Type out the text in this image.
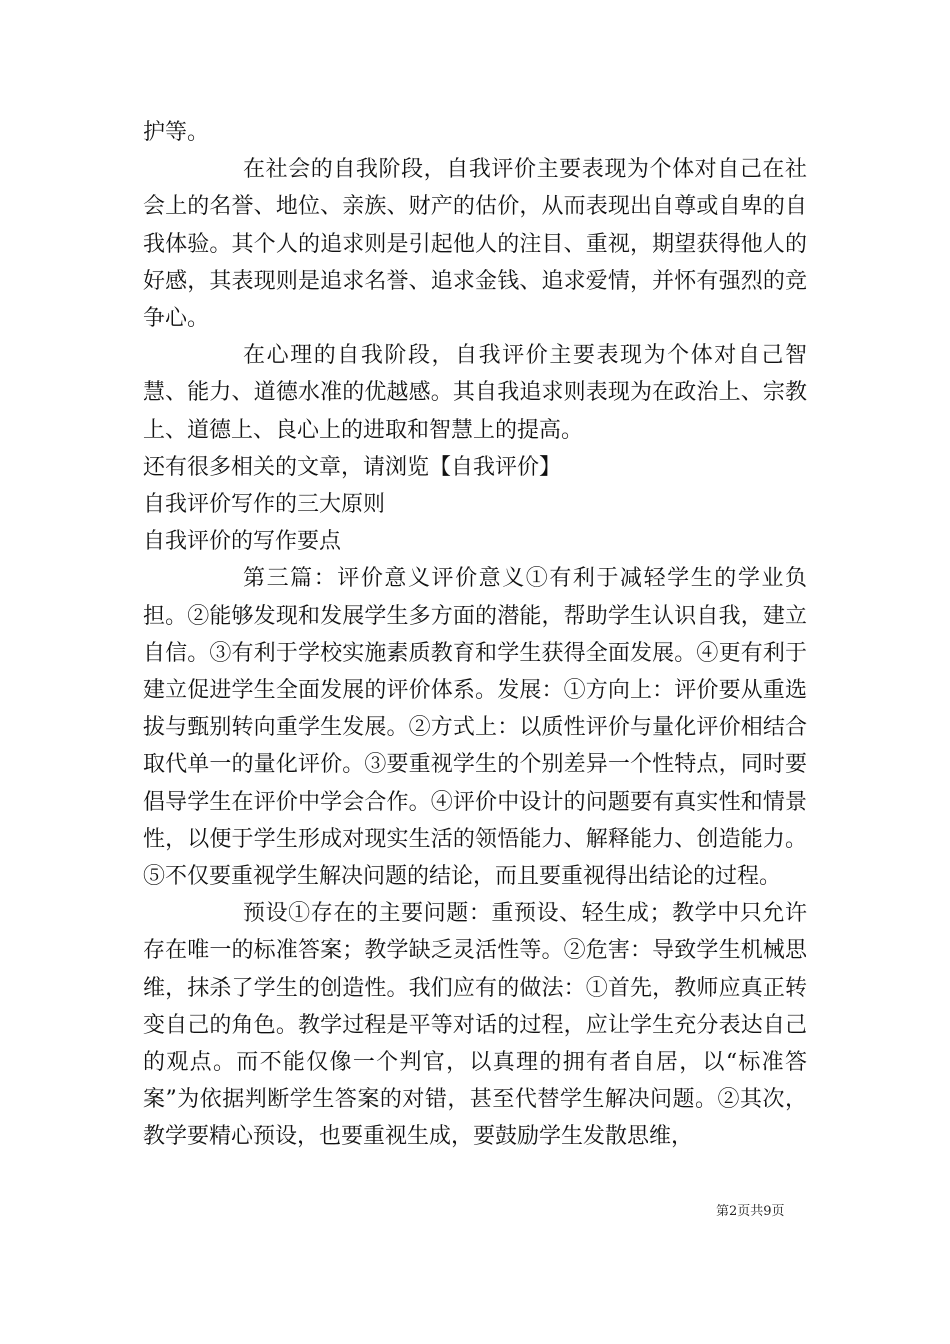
护等。

在社会的自我阶段，自我评价主要表现为个体对自己在社会上的名誉、地位、亲族、财产的估价，从而表现出自尊或自卑的自我体验。其个人的追求则是引起他人的注目、重视，期望获得他人的好感，其表现则是追求名誉、追求金钱、追求爱情，并怀有强烈的竞争心。

在心理的自我阶段，自我评价主要表现为个体对自己智慧、能力、道德水准的优越感。其自我追求则表现为在政治上、宗教上、道德上、良心上的进取和智慧上的提高。

还有很多相关的文章，请浏览【自我评价】

自我评价写作的三大原则

自我评价的写作要点

第三篇：评价意义评价意义①有利于减轻学生的学业负担。②能够发现和发展学生多方面的潜能，帮助学生认识自我，建立自信。③有利于学校实施素质教育和学生获得全面发展。④更有利于建立促进学生全面发展的评价体系。发展：①方向上：评价要从重选拔与甄别转向重学生发展。②方式上：以质性评价与量化评价相结合取代单一的量化评价。③要重视学生的个别差异一个性特点，同时要倡导学生在评价中学会合作。④评价中设计的问题要有真实性和情景性，以便于学生形成对现实生活的领悟能力、解释能力、创造能力。⑤不仅要重视学生解决问题的结论，而且要重视得出结论的过程。

预设①存在的主要问题：重预设、轻生成；教学中只允许存在唯一的标准答案；教学缺乏灵活性等。②危害：导致学生机械思维，抹杀了学生的创造性。我们应有的做法：①首先，教师应真正转变自己的角色。教学过程是平等对话的过程，应让学生充分表达自己的观点。而不能仅像一个判官，以真理的拥有者自居，以“标准答案”为依据判断学生答案的对错，甚至代替学生解决问题。②其次，教学要精心预设，也要重视生成，要鼓励学生发散思维，

第2页共9页
